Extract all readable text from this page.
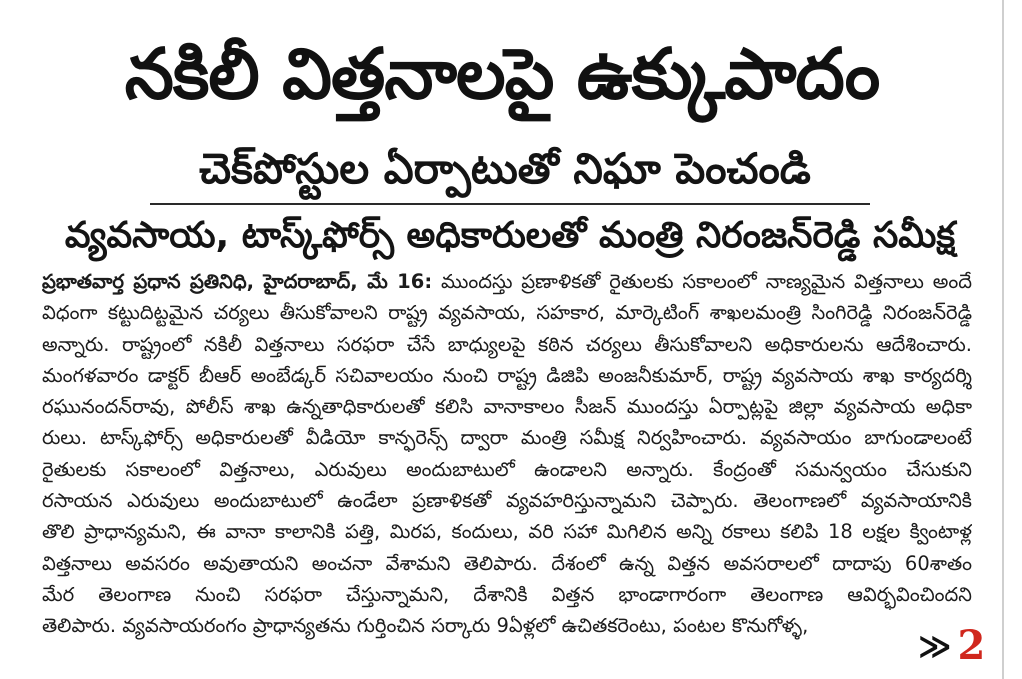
నకిలీ విత్తనాలపై ఉక్కుపాదం
చెక్‌పోస్టుల ఏర్పాటుతో నిఘా పెంచండి
వ్యవసాయ, టాస్క్‌ఫోర్స్ అధికారులతో మంత్రి నిరంజన్‌రెడ్డి సమీక్ష
ప్రభాతవార్త ప్రధాన ప్రతినిధి, హైదరాబాద్, మే 16: ముందస్తు ప్రణాళికతో రైతులకు సకాలంలో నాణ్యమైన విత్తనాలు అందే
విధంగా కట్టుదిట్టమైన చర్యలు తీసుకోవాలని రాష్ట్ర వ్యవసాయ, సహకార, మార్కెటింగ్ శాఖలమంత్రి సింగిరెడ్డి నిరంజన్‌రెడ్డి
అన్నారు. రాష్ట్రంలో నకిలీ విత్తనాలు సరఫరా చేసే బాధ్యులపై కఠిన చర్యలు తీసుకోవాలని అధికారులను ఆదేశించారు.
మంగళవారం డాక్టర్ బీఆర్ అంబేడ్కర్ సచివాలయం నుంచి రాష్ట్ర డిజిపి అంజనీకుమార్, రాష్ట్ర వ్యవసాయ శాఖ కార్యదర్శి
రఘునందన్‌రావు, పోలీస్ శాఖ ఉన్నతాధికారులతో కలిసి వానాకాలం సీజన్ ముందస్తు ఏర్పాట్లపై జిల్లా వ్యవసాయ అధికా
రులు. టాస్క్‌ఫోర్స్ అధికారులతో వీడియో కాన్ఫరెన్స్ ద్వారా మంత్రి సమీక్ష నిర్వహించారు. వ్యవసాయం బాగుండాలంటే
రైతులకు సకాలంలో విత్తనాలు, ఎరువులు అందుబాటులో ఉండాలని అన్నారు. కేంద్రంతో సమన్వయం చేసుకుని
రసాయన ఎరువులు అందుబాటులో ఉండేలా ప్రణాళికతో వ్యవహరిస్తున్నామని చెప్పారు. తెలంగాణలో వ్యవసాయానికి
తొలి ప్రాధాన్యమని, ఈ వానా కాలానికి పత్తి, మిరప, కందులు, వరి సహా మిగిలిన అన్ని రకాలు కలిపి 18 లక్షల క్వింటాళ్ల
విత్తనాలు అవసరం అవుతాయని అంచనా వేశామని తెలిపారు. దేశంలో ఉన్న విత్తన అవసరాలలో దాదాపు 60శాతం
మేర తెలంగాణ నుంచి సరఫరా చేస్తున్నామని, దేశానికి విత్తన భాండాగారంగా తెలంగాణ ఆవిర్భవించిందని
తెలిపారు. వ్యవసాయరంగం ప్రాధాన్యతను గుర్తించిన సర్కారు 9ఏళ్లలో ఉచితకరెంటు, పంటల కొనుగోళ్ళ,
≫ 2
